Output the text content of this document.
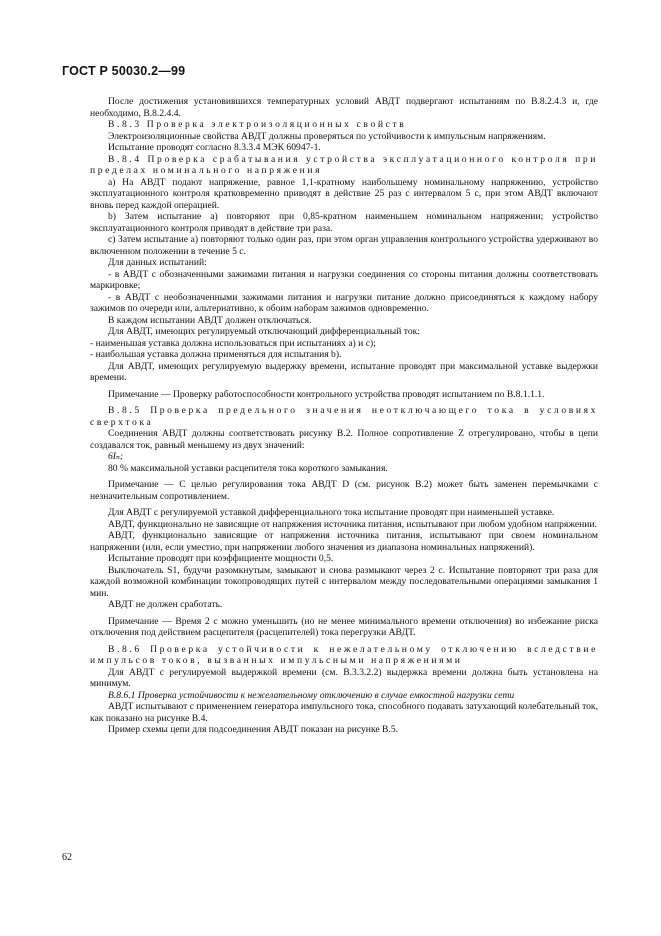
ГОСТ Р 50030.2—99

После достижения установившихся температурных условий АВДТ подвергают испытаниям по В.8.2.4.3 и, где необходимо, В.8.2.4.4.

В.8.3 Проверка электроизоляционных свойств

Электроизоляционные свойства АВДТ должны проверяться по устойчивости к импульсным напряжениям.

Испытание проводят согласно 8.3.3.4 МЭК 60947-1.

В.8.4 Проверка срабатывания устройства эксплуатационного контроля при пределах номинального напряжения

а) На АВДТ подают напряжение, равное 1,1-кратному наибольшему номинальному напряжению, устройство эксплуатационного контроля кратковременно приводят в действие 25 раз с интервалом 5 с, при этом АВДТ включают вновь перед каждой операцией.

b) Затем испытание а) повторяют при 0,85-кратном наименьшем номинальном напряжении; устройство эксплуатационного контроля приводят в действие три раза.

с) Затем испытание а) повторяют только один раз, при этом орган управления контрольного устройства удерживают во включенном положении в течение 5 с.

Для данных испытаний:

- в АВДТ с обозначенными зажимами питания и нагрузки соединения со стороны питания должны соответствовать маркировке;

- в АВДТ с необозначенными зажимами питания и нагрузки питание должно присоединяться к каждому набору зажимов по очереди или, альтернативно, к обоим наборам зажимов одновременно.

В каждом испытании АВДТ должен отключаться.

Для АВДТ, имеющих регулируемый отключающий дифференциальный ток:

- наименьшая уставка должна использоваться при испытаниях а) и с);

- наибольшая уставка должна применяться для испытания b).

Для АВДТ, имеющих регулируемую выдержку времени, испытание проводят при максимальной уставке выдержки времени.

Примечание — Проверку работоспособности контрольного устройства проводят испытанием по В.8.1.1.1.

В.8.5 Проверка предельного значения неотключающего тока в условиях сверхтока

Соединения АВДТ должны соответствовать рисунку В.2. Полное сопротивление Z отрегулировано, чтобы в цепи создавался ток, равный меньшему из двух значений:

6Iₙ;

80 % максимальной уставки расцепителя тока короткого замыкания.

Примечание — С целью регулирования тока АВДТ D (см. рисунок В.2) может быть заменен перемычками с незначительным сопротивлением.

Для АВДТ с регулируемой уставкой дифференциального тока испытание проводят при наименьшей уставке.

АВДТ, функционально не зависящие от напряжения источника питания, испытывают при любом удобном напряжении.

АВДТ, функционально зависящие от напряжения источника питания, испытывают при своем номинальном напряжении (или, если уместно, при напряжении любого значения из диапазона номинальных напряжений).

Испытание проводят при коэффициенте мощности 0,5.

Выключатель S1, будучи разомкнутым, замыкают и снова размыкают через 2 с. Испытание повторяют три раза для каждой возможной комбинации токопроводящих путей с интервалом между последовательными операциями замыкания 1 мин.

АВДТ не должен сработать.

Примечание — Время 2 с можно уменьшить (но не менее минимального времени отключения) во избежание риска отключения под действием расцепителя (расцепителей) тока перегрузки АВДТ.

В.8.6 Проверка устойчивости к нежелательному отключению вследствие импульсов токов, вызванных импульсными напряжениями

Для АВДТ с регулируемой выдержкой времени (см. В.3.3.2.2) выдержка времени должна быть установлена на минимум.

В.8.6.1 Проверка устойчивости к нежелательному отключению в случае емкостной нагрузки сети

АВДТ испытывают с применением генератора импульсного тока, способного подавать затухающий колебательный ток, как показано на рисунке В.4.

Пример схемы цепи для подсоединения АВДТ показан на рисунке В.5.

62
